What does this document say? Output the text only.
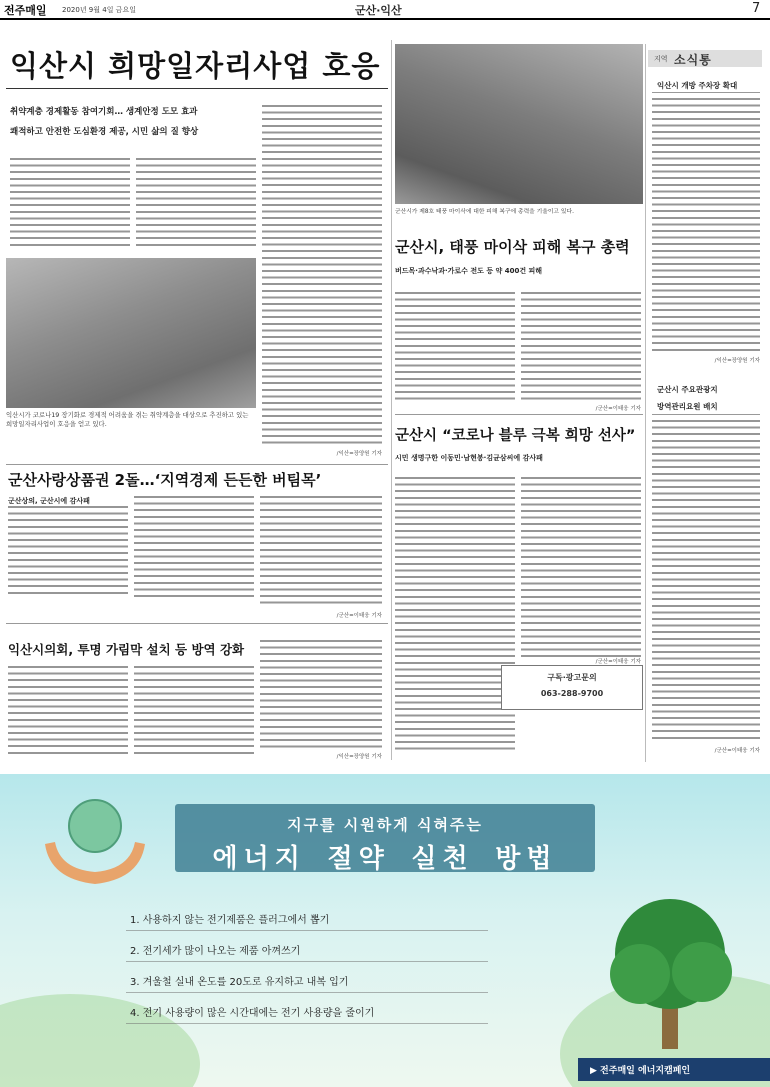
전주매일 2020년 9월 4일 금요일	군산·익산	7
익산시 희망일자리사업 호응
취약계층 경제활동 참여기회… 생계안정 도모 효과
쾌적하고 안전한 도심환경 제공, 시민 삶의 질 향상
익산시가 코로나19 장기화로 경제적 어려움을 겪는 취약계층을 대상으로 추진하고 있는 희망일자리사업이 호응을 얻고 있다.
/익산=장양원 기자
군산시가 제8호 태풍 마이삭에 대한 피해 복구에 총력을 기울이고 있다.
군산시, 태풍 마이삭 피해 복구 총력
버드목·과수낙과·가로수 전도 등 약 400건 피해
/군산=이태웅 기자
군산사랑상품권 2돌…‘지역경제 든든한 버팀목’
군산상의, 군산시에 감사패
/군산=이태웅 기자
군산시 “코로나 블루 극복 희망 선사”
시민 생명구한 이동민·남현봉·김균삼씨에 감사패
/군산=이태웅 기자
구독·광고문의
063-288-9700
익산시의회, 투명 가림막 설치 등 방역 강화
/익산=장양원 기자
지역 소식통
익산시 개방 주차장 확대
/익산=장양원 기자
군산시 주요관광지
방역관리요원 배치
/군산=이태웅 기자
지구를 시원하게 식혀주는
에너지 절약 실천 방법
1. 사용하지 않는 전기제품은 플러그에서 뽑기
2. 전기세가 많이 나오는 제품 아껴쓰기
3. 겨울철 실내 온도를 20도로 유지하고 내복 입기
4. 전기 사용량이 많은 시간대에는 전기 사용량을 줄이기
▶ 전주매일 에너지캠페인
